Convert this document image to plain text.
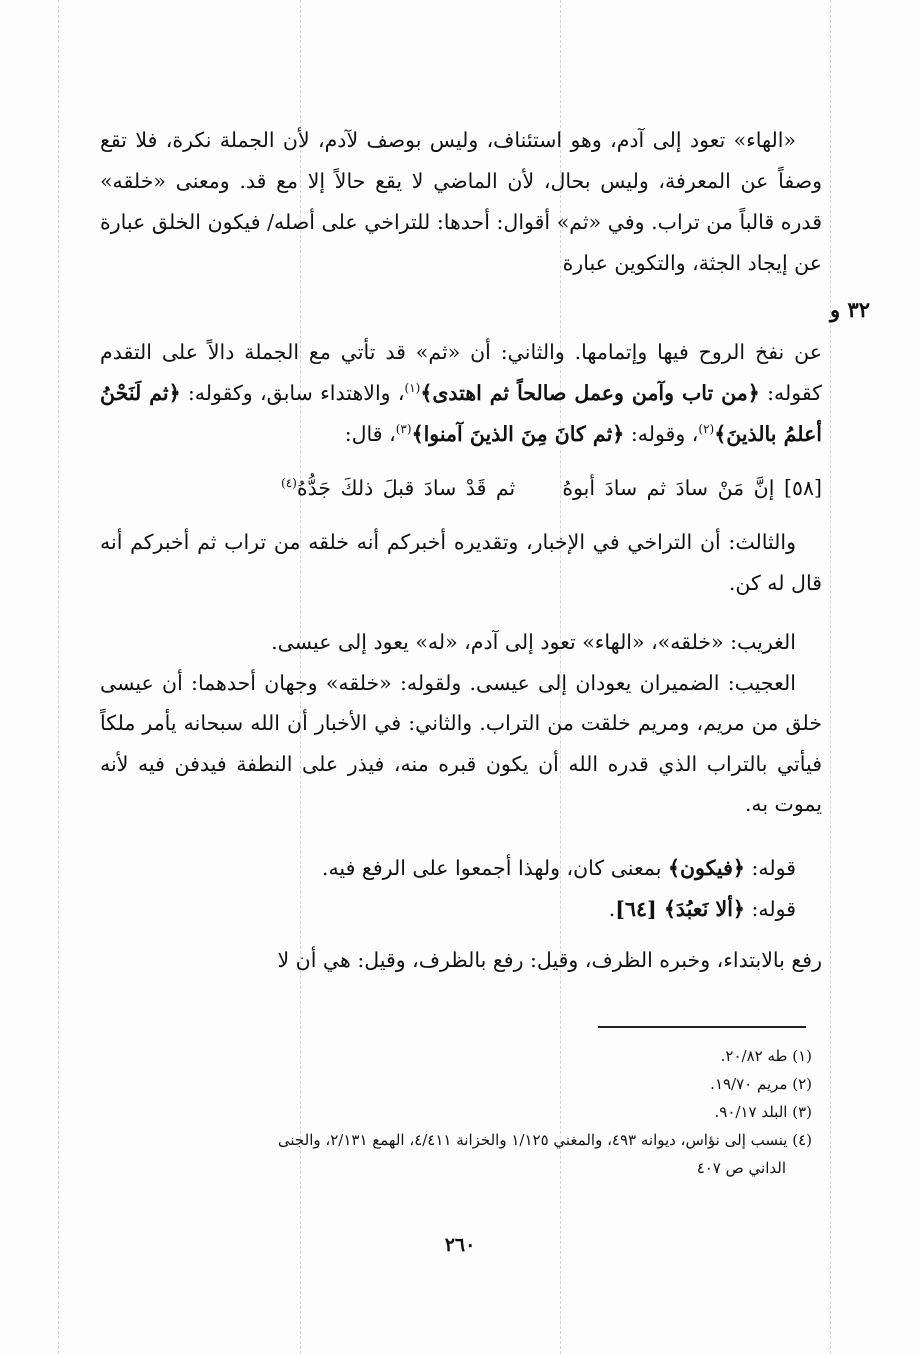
«الهاء» تعود إلى آدم، وهو استئناف، وليس بوصف لآدم، لأن الجملة نكرة، فلا تقع وصفاً عن المعرفة، وليس بحال، لأن الماضي لا يقع حالاً إلا مع قد. ومعنى «خلقه» قدره قالباً من تراب. وفي «ثم» أقوال: أحدها: للتراخي على أصله/ فيكون الخلق عبارة عن إيجاد الجثة، والتكوين عبارة
٣٢ و
عن نفخ الروح فيها وإتمامها. والثاني: أن «ثم» قد تأتي مع الجملة دالاً على التقدم كقوله: ﴿من تاب وآمن وعمل صالحاً ثم اهتدى﴾$^{(١)}$، والاهتداء سابق، وكقوله: ﴿ثم لَنَحْنُ أعلمُ بالذينَ﴾$^{(٢)}$، وقوله: ﴿ثم كانَ مِنَ الذينَ آمنوا﴾$^{(٣)}$، قال:
[٥٨] إنَّ مَنْ سادَ ثم سادَ أبوهُ  ثم قَدْ سادَ قبلَ ذلكَ جَدُّهُ$^{(٤)}$
والثالث: أن التراخي في الإخبار، وتقديره أخبركم أنه خلقه من تراب ثم أخبركم أنه قال له كن.
الغريب: «خلقه»، «الهاء» تعود إلى آدم، «له» يعود إلى عيسى.
العجيب: الضميران يعودان إلى عيسى. ولقوله: «خلقه» وجهان أحدهما: أن عيسى خلق من مريم، ومريم خلقت من التراب. والثاني: في الأخبار أن الله سبحانه يأمر ملكاً فيأتي بالتراب الذي قدره الله أن يكون قبره منه، فيذر على النطفة فيدفن فيه لأنه يموت به.
قوله: ﴿فيكون﴾ بمعنى كان، ولهذا أجمعوا على الرفع فيه.
قوله: ﴿ألا نَعبُدَ﴾ [٦٤].
رفع بالابتداء، وخبره الظرف، وقيل: رفع بالظرف، وقيل: هي أن لا

(١) طه ٢٠/٨٢.

(٢) مريم ١٩/٧٠.

(٣) البلد ٩٠/١٧.

(٤) ينسب إلى نؤاس، ديوانه ٤٩٣، والمغني ١/١٢٥ والخزانة ٤/٤١١، الهمع ٢/١٣١، والجنى
الداني ص ٤٠٧

٢٦٠
